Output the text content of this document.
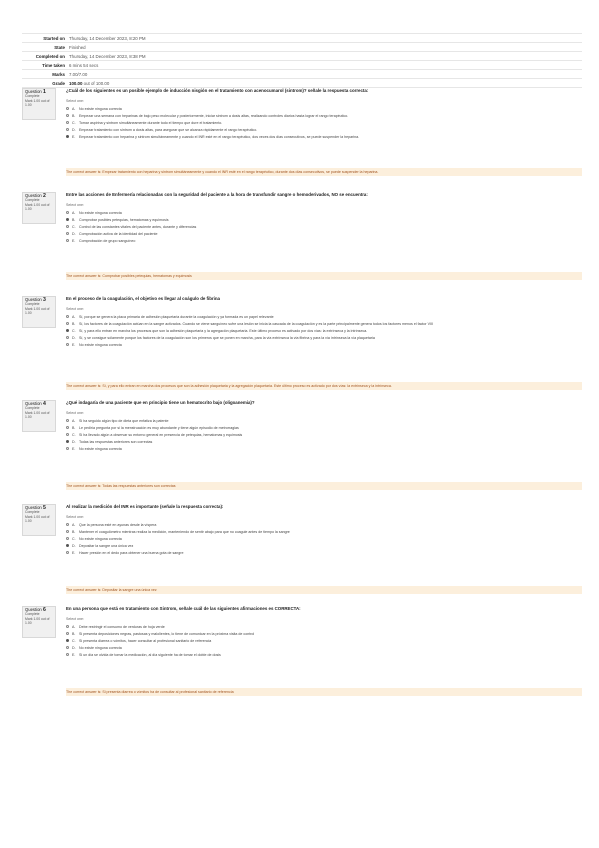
Started on Thursday, 14 December 2023, 8:20 PM
State Finished
Completed on Thursday, 14 December 2023, 8:38 PM
Time taken 6 mins 54 secs
Marks 7.00/7.00
Grade 100.00 out of 100.00
Question 1
Complete
Mark 1.00 out of 1.00
¿Cuál de los siguientes es un posible ejemplo de inducción nisgión en el tratamiento con acenocumarol (sintrom)? señale la respuesta correcta:
Select one:
A. No existe ninguna correcta
B. Empezar una semana con heparinas de bajo peso molecular y posteriormente, iniciar sintrom a dosis altas, realizando controles diarios hasta lograr el rango terapéutico.
C. Tomar aspirina y sintrom simultáneamente durante todo el tiempo que dure el tratamiento.
D. Empezar tratamiento con sintrom a dosis altas, para asegurar que se alcanza rápidamente el rango terapéutico.
E. Empezar tratamiento con heparina y sintrom simultáneamente y cuando el INR esté en el rango terapéutico, dos veces dos días consecutivos, se puede suspender la heparina.
The correct answer is: Empezar tratamiento con heparina y sintrom simultáneamente y cuando el INR esté en el rango terapéutico, durante dos días consecutivos, se puede suspender la heparina.
Question 2
Complete
Mark 1.00 out of 1.00
Entre las acciones de Enfermería relacionadas con la seguridad del paciente a la hora de transfundir sangre o hemoderivados, NO se encuentra:
Select one:
A. No existe ninguna correcta
B. Comprobar posibles petequias, hematomas y equimosis
C. Control de las constantes vitales del paciente antes, durante y diferencias
D. Comprobación activa de la identidad del paciente
E. Comprobación de grupo sanguíneo
The correct answer is: Comprobar posibles petequias, hematomas y equimosis
Question 3
Complete
Mark 1.00 out of 1.00
En el proceso de la coagulación, el objetivo es llegar al coágulo de fibrina
Select one:
A. Sí, porque se genera la placa primaria de adhesión plaquetaria durante la coagulación y ya formada es un papel relevante
B. Sí, los factores de la coagulación actúan en la sangre activados. Cuando se viene sanguíneo sufre una lesión se inicia la cascada de la coagulación y es la parte principalmente genera todos los factores menos el factor VIII
C. Sí, y para ello entran en marcha los procesos que son la adhesión plaquetaria y la agregación plaquetaria. Este último proceso es activado por dos vías: la extrínseca y la intrínseca.
D. Sí, y se consigue sólamente porque los factores de la coagulación son los primeros que se ponen en marcha, para la vía extrínseca la vía fibrina y para la vía intrínseca la vía plaquetaria
E. No existe ninguna correcta
The correct answer is: Sí, y para ello entran en marcha dos procesos que son la adhesión plaquetaria y la agregación plaquetaria. Este último proceso es activado por dos vías: la extrínseca y la intrínseca.
Question 4
Complete
Mark 1.00 out of 1.00
¿Qué indagaría de una paciente que en principio tiene un hematocrito bajo (oligoanemia)?
Select one:
A. Si ha seguido algún tipo de dieta que enfatiza la patente
B. Le pediría pregunta por si la menstruación es muy abundante y tiene algún episodio de metrorragias
C. Si ha llevado algún a observar su entorno general en presencia de petequias, hematomas y equimosis
D. Todas las respuestas anteriores son correctas
E. No existe ninguna correcta
The correct answer is: Todas las respuestas anteriores son correctas
Question 5
Complete
Mark 1.00 out of 1.00
Al realizar la medición del INR es importante (señale la respuesta correcta):
Select one:
A. Que la persona esté en ayunas desde la víspera
B. Mantener el coagulómetro mientras realiza la medición, manteniendo de sentir abajo para que no coagule antes de tiempo la sangre
C. No existe ninguna correcta
D. Depositar la sangre una única vez
E. Hacer presión en el dedo para obtener una buena gota de sangre
The correct answer is: Depositar la sangre una única vez
Question 6
Complete
Mark 1.00 out of 1.00
En una persona que está en tratamiento con Sintrom, señale cuál de las siguientes afirmaciones es CORRECTA:
Select one:
A. Debe restringir el consumo de verduras de hoja verde
B. Si presenta deposiciones negras, pastosas y malolientes, lo tiene de comunicar en la próxima visita de control
C. Si presenta diarrea o vómitos, hacer consultar al profesional sanitario de referencia
D. No existe ninguna correcta
E. Si un día se olvida de tomar la medicación, al día siguiente ha de tomar el doble de dosis
The correct answer is: Si presenta diarrea o vómitos ha de consultar al profesional sanitario de referencia
